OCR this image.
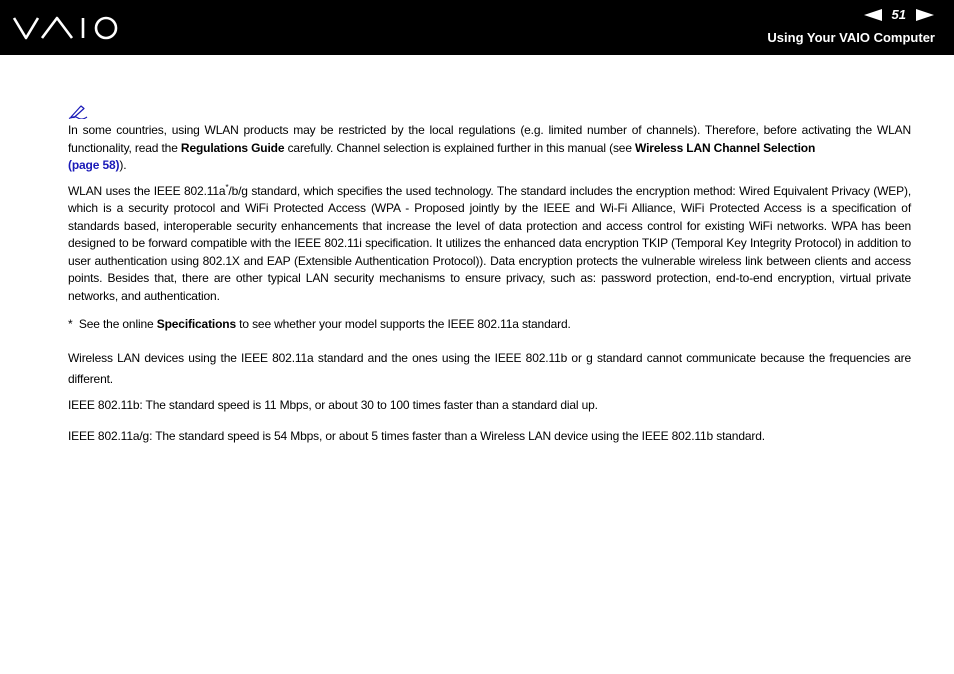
51
Using Your VAIO Computer

In some countries, using WLAN products may be restricted by the local regulations (e.g. limited number of channels). Therefore, before activating the WLAN functionality, read the Regulations Guide carefully. Channel selection is explained further in this manual (see Wireless LAN Channel Selection
(page 58)).

WLAN uses the IEEE 802.11a*/b/g standard, which specifies the used technology. The standard includes the encryption method: Wired Equivalent Privacy (WEP), which is a security protocol and WiFi Protected Access (WPA - Proposed jointly by the IEEE and Wi-Fi Alliance, WiFi Protected Access is a specification of standards based, interoperable security enhancements that increase the level of data protection and access control for existing WiFi networks. WPA has been designed to be forward compatible with the IEEE 802.11i specification. It utilizes the enhanced data encryption TKIP (Temporal Key Integrity Protocol) in addition to user authentication using 802.1X and EAP (Extensible Authentication Protocol)). Data encryption protects the vulnerable wireless link between clients and access points. Besides that, there are other typical LAN security mechanisms to ensure privacy, such as: password protection, end-to-end encryption, virtual private networks, and authentication.

* See the online Specifications to see whether your model supports the IEEE 802.11a standard.

Wireless LAN devices using the IEEE 802.11a standard and the ones using the IEEE 802.11b or g standard cannot communicate because the frequencies are different.

IEEE 802.11b: The standard speed is 11 Mbps, or about 30 to 100 times faster than a standard dial up.

IEEE 802.11a/g: The standard speed is 54 Mbps, or about 5 times faster than a Wireless LAN device using the IEEE 802.11b standard.
